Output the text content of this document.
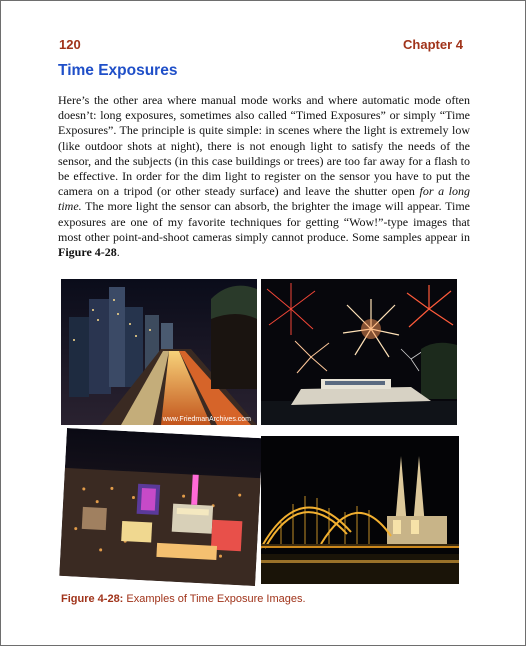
120	Chapter 4
Time Exposures
Here’s the other area where manual mode works and where automatic mode often doesn’t: long exposures, sometimes also called “Timed Exposures” or simply “Time Exposures”. The principle is quite simple: in scenes where the light is extremely low (like outdoor shots at night), there is not enough light to satisfy the needs of the sensor, and the subjects (in this case buildings or trees) are too far away for a flash to be effective. In order for the dim light to register on the sensor you have to put the camera on a tripod (or other steady surface) and leave the shutter open for a long time. The more light the sensor can absorb, the brighter the image will appear. Time exposures are one of my favorite techniques for getting “Wow!”-type images that most other point-and-shoot cameras simply cannot produce. Some samples appear in Figure 4-28.
www.FriedmanArchives.com
Figure 4-28: Examples of Time Exposure Images.
